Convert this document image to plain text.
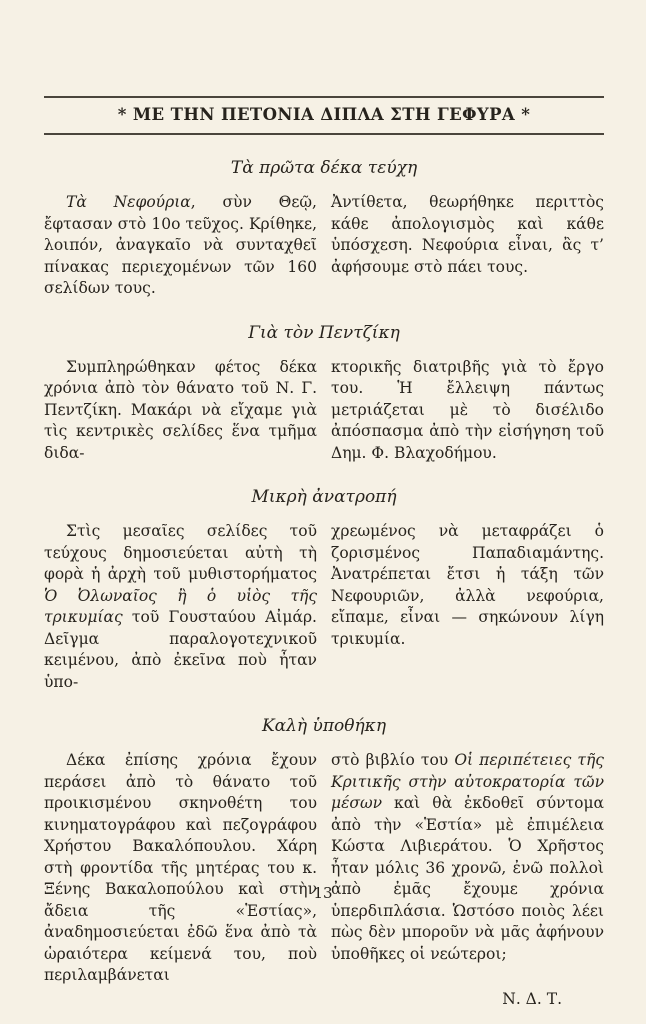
* ΜΕ ΤΗΝ ΠΕΤΟΝΙΑ ΔΙΠΛΑ ΣΤΗ ΓΕΦΥΡΑ *
Τὰ πρῶτα δέκα τεύχη
Τὰ Νεφούρια, σὺν Θεῷ, ἔφτασαν στὸ 10ο τεῦχος. Κρίθηκε, λοιπόν, ἀναγκαῖο νὰ συνταχθεῖ πίνακας περιεχομένων τῶν 160 σελίδων τους.
Ἀντίθετα, θεωρήθηκε περιττὸς κάθε ἀπολογισμὸς καὶ κάθε ὑπόσχεση. Νεφούρια εἶναι, ἂς τ’ ἀφήσουμε στὸ πάει τους.
Γιὰ τὸν Πεντζίκη
Συμπληρώθηκαν φέτος δέκα χρόνια ἀπὸ τὸν θάνατο τοῦ Ν. Γ. Πεντζίκη. Μακάρι νὰ εἴχαμε γιὰ τὶς κεντρικὲς σελίδες ἕνα τμῆμα διδα-
κτορικῆς διατριβῆς γιὰ τὸ ἔργο του. Ἡ ἔλλειψη πάντως μετριάζεται μὲ τὸ δισέλιδο ἀπόσπασμα ἀπὸ τὴν εἰσήγηση τοῦ Δημ. Φ. Βλαχοδήμου.
Μικρὴ ἀνατροπή
Στὶς μεσαῖες σελίδες τοῦ τεύχους δημοσιεύεται αὐτὴ τὴ φορὰ ἡ ἀρχὴ τοῦ μυθιστορήματος Ὁ Ὀλωναῖος ἢ ὁ υἱὸς τῆς τρικυμίας τοῦ Γουσταύου Αἰμάρ. Δεῖγμα παραλογοτεχνικοῦ κειμένου, ἀπὸ ἐκεῖνα ποὺ ἦταν ὑπο-
χρεωμένος νὰ μεταφράζει ὁ ζορισμένος Παπαδιαμάντης. Ἀνατρέπεται ἔτσι ἡ τάξη τῶν Νεφουριῶν, ἀλλὰ νεφούρια, εἴπαμε, εἶναι — σηκώνουν λίγη τρικυμία.
Καλὴ ὑποθήκη
Δέκα ἐπίσης χρόνια ἔχουν περάσει ἀπὸ τὸ θάνατο τοῦ προικισμένου σκηνοθέτη του κινηματογράφου καὶ πεζογράφου Χρήστου Βακαλόπουλου. Χάρη στὴ φροντίδα τῆς μητέρας του κ. Ξένης Βακαλοπούλου καὶ στὴν ἄδεια τῆς «Ἑστίας», ἀναδημοσιεύεται ἐδῶ ἕνα ἀπὸ τὰ ὡραιότερα κείμενά του, ποὺ περιλαμβάνεται
στὸ βιβλίο του Οἱ περιπέτειες τῆς Κριτικῆς στὴν αὐτοκρατορία τῶν μέσων καὶ θὰ ἐκδοθεῖ σύντομα ἀπὸ τὴν «Ἑστία» μὲ ἐπιμέλεια Κώστα Λιβιεράτου. Ὁ Χρῆστος ἦταν μόλις 36 χρονῶ, ἐνῶ πολλοὶ ἀπὸ ἐμᾶς ἔχουμε χρόνια ὑπερδιπλάσια. Ὡστόσο ποιὸς λέει πὼς δὲν μποροῦν νὰ μᾶς ἀφήνουν ὑποθῆκες οἱ νεώτεροι;
Ν. Δ. Τ.
13
